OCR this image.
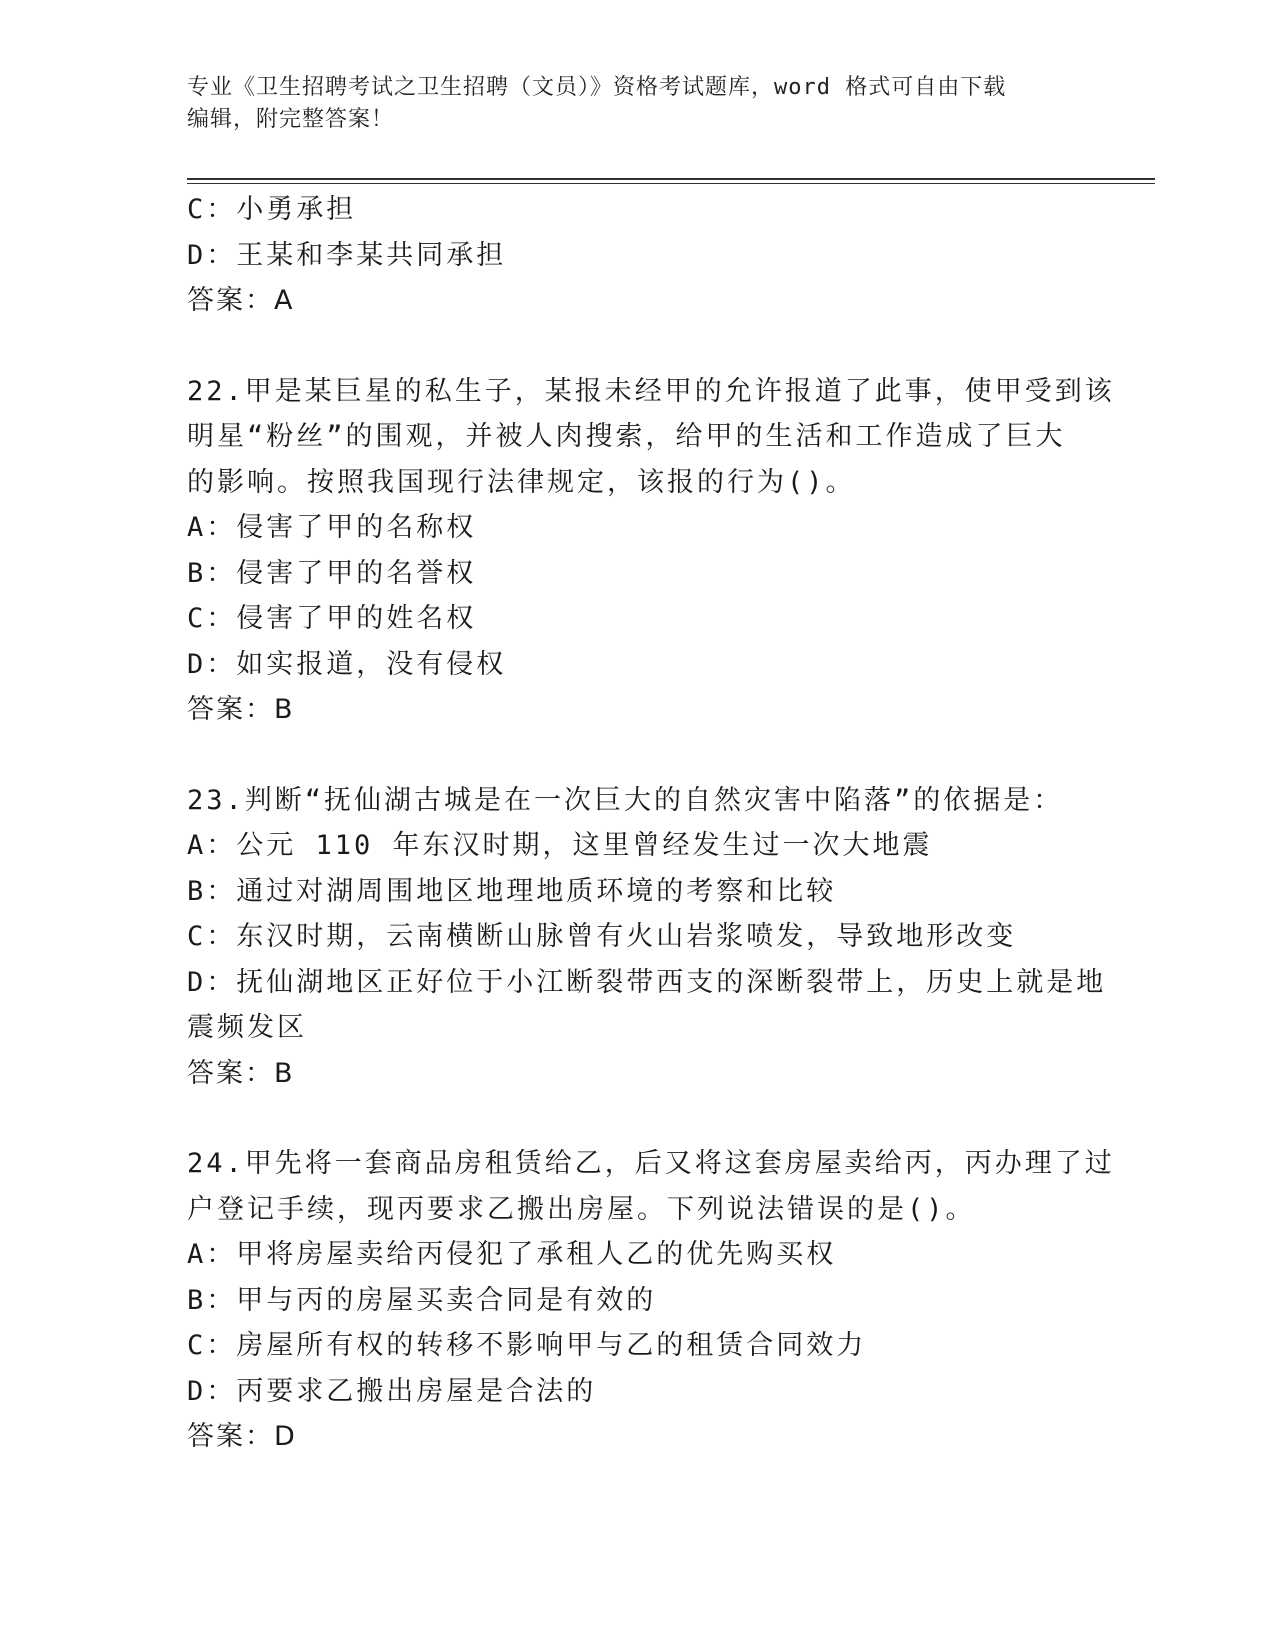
专业《卫生招聘考试之卫生招聘（文员）》资格考试题库，word 格式可自由下载
编辑，附完整答案！
C：小勇承担
D：王某和李某共同承担
答案：A
22.甲是某巨星的私生子，某报未经甲的允许报道了此事，使甲受到该
明星“粉丝”的围观，并被人肉搜索，给甲的生活和工作造成了巨大
的影响。按照我国现行法律规定，该报的行为()。
A：侵害了甲的名称权
B：侵害了甲的名誉权
C：侵害了甲的姓名权
D：如实报道，没有侵权
答案：B
23.判断“抚仙湖古城是在一次巨大的自然灾害中陷落”的依据是：
A：公元 110 年东汉时期，这里曾经发生过一次大地震
B：通过对湖周围地区地理地质环境的考察和比较
C：东汉时期，云南横断山脉曾有火山岩浆喷发，导致地形改变
D：抚仙湖地区正好位于小江断裂带西支的深断裂带上，历史上就是地
震频发区
答案：B
24.甲先将一套商品房租赁给乙，后又将这套房屋卖给丙，丙办理了过
户登记手续，现丙要求乙搬出房屋。下列说法错误的是()。
A：甲将房屋卖给丙侵犯了承租人乙的优先购买权
B：甲与丙的房屋买卖合同是有效的
C：房屋所有权的转移不影响甲与乙的租赁合同效力
D：丙要求乙搬出房屋是合法的
答案：D
